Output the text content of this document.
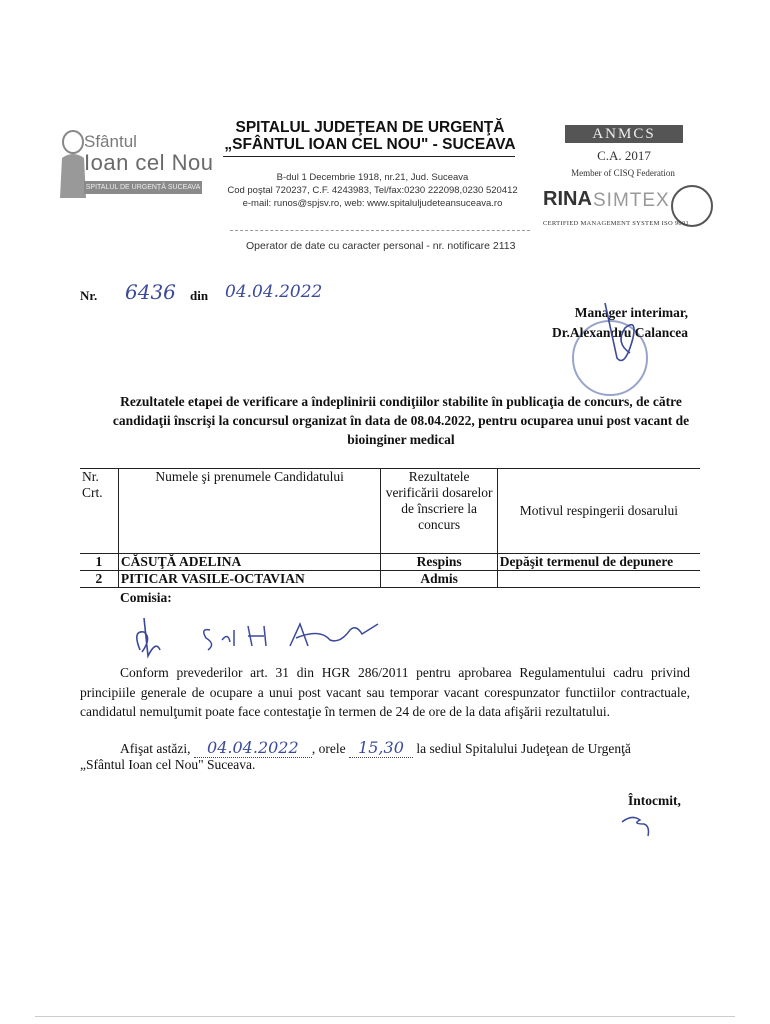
Sfântul
Ioan cel Nou
SPITALUL DE URGENȚĂ SUCEAVA
SPITALUL JUDEŢEAN DE URGENŢĂ
„SFÂNTUL IOAN CEL NOU" - SUCEAVA
B-dul 1 Decembrie 1918, nr.21, Jud. Suceava
Cod poştal 720237, C.F. 4243983, Tel/fax:0230 222098,0230 520412
e-mail: runos@spjsv.ro, web: www.spitaluljudeteansuceava.ro
Operator de date cu caracter personal - nr. notificare 2113
ANMCS
C.A. 2017
Member of CISQ Federation
RINA SIMTEX
CERTIFIED MANAGEMENT SYSTEM ISO 9001
Nr. 6436 din 04.04.2022
Manager interimar,
Dr.Alexandru Calancea
Rezultatele etapei de verificare a îndeplinirii condiţiilor stabilite în publicaţia de concurs, de către candidaţii înscrişi la concursul organizat în data de 08.04.2022, pentru ocuparea unui post vacant de bioinginer medical
Nr. Crt.	Numele şi prenumele Candidatului	Rezultatele verificării dosarelor de înscriere la concurs	Motivul respingerii dosarului
1	CĂSUŢĂ ADELINA	Respins	Depăşit termenul de depunere
2	PITICAR VASILE-OCTAVIAN	Admis	
Comisia:
Conform prevederilor art. 31 din HGR 286/2011 pentru aprobarea Regulamentului cadru privind principiile generale de ocupare a unui post vacant sau temporar vacant corespunzator functiilor contractuale, candidatul nemulţumit poate face contestaţie în termen de 24 de ore de la data afişării rezultatului.
Afişat astăzi, 04.04.2022 , orele 15,30 la sediul Spitalului Judeţean de Urgenţă
„Sfântul Ioan cel Nou" Suceava.
Întocmit,
